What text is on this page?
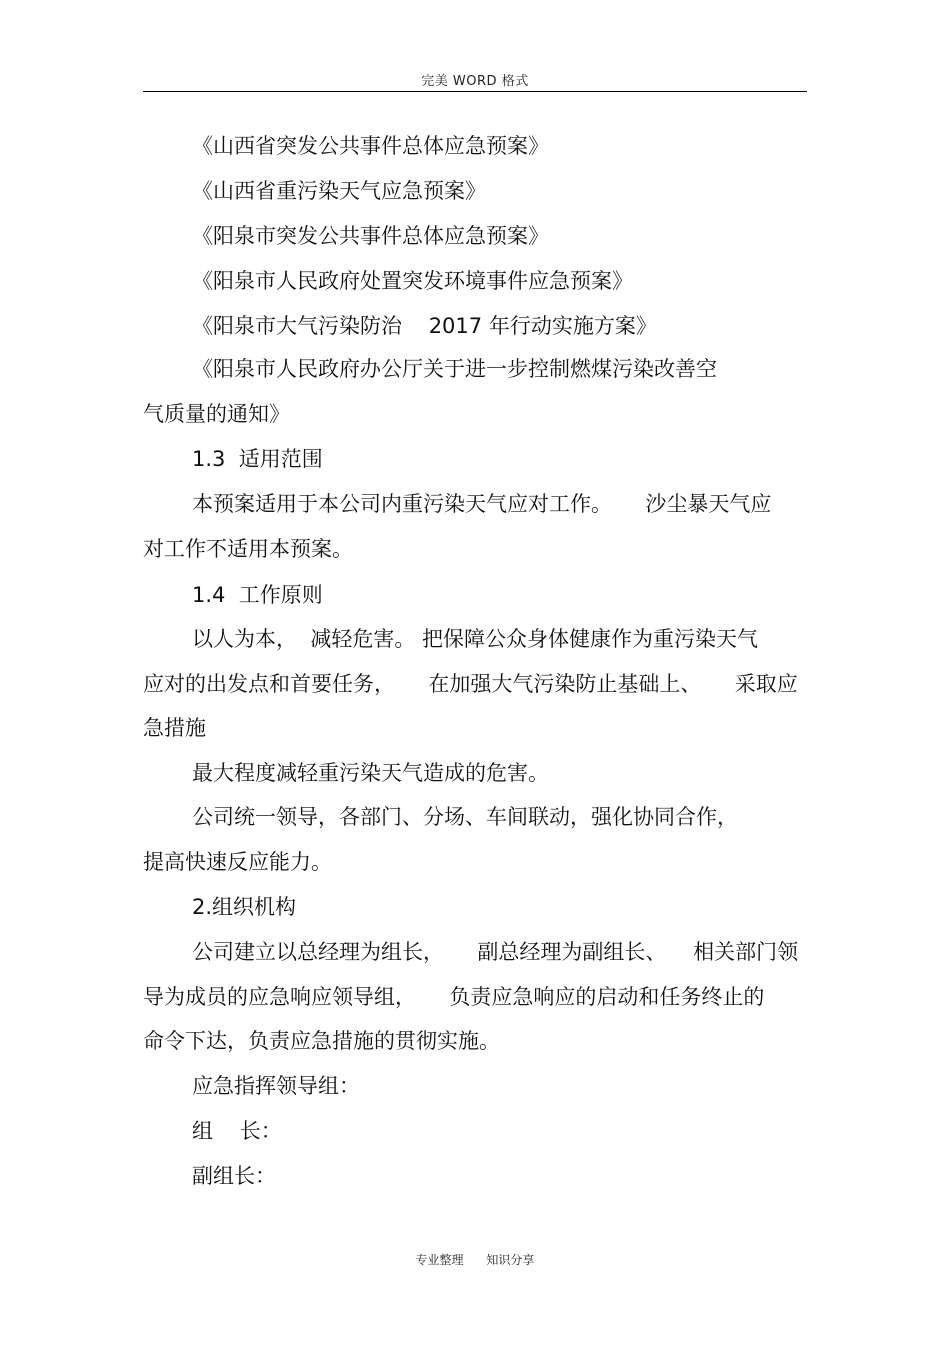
完美 WORD 格式
《山西省突发公共事件总体应急预案》
《山西省重污染天气应急预案》
《阳泉市突发公共事件总体应急预案》
《阳泉市人民政府处置突发环境事件应急预案》
《阳泉市大气污染防治    2017 年行动实施方案》
《阳泉市人民政府办公厅关于进一步控制燃煤污染改善空
气质量的通知》
1.3  适用范围
本预案适用于本公司内重污染天气应对工作。     沙尘暴天气应
对工作不适用本预案。
1.4  工作原则
以人为本，  减轻危害。 把保障公众身体健康作为重污染天气
应对的出发点和首要任务，     在加强大气污染防止基础上、     采取应
急措施
最大程度减轻重污染天气造成的危害。
公司统一领导，各部门、分场、车间联动，强化协同合作，
提高快速反应能力。
2.组织机构
公司建立以总经理为组长，     副总经理为副组长、    相关部门领
导为成员的应急响应领导组，     负责应急响应的启动和任务终止的
命令下达，负责应急措施的贯彻实施。
应急指挥领导组：
组    长：
副组长：
专业整理      知识分享
